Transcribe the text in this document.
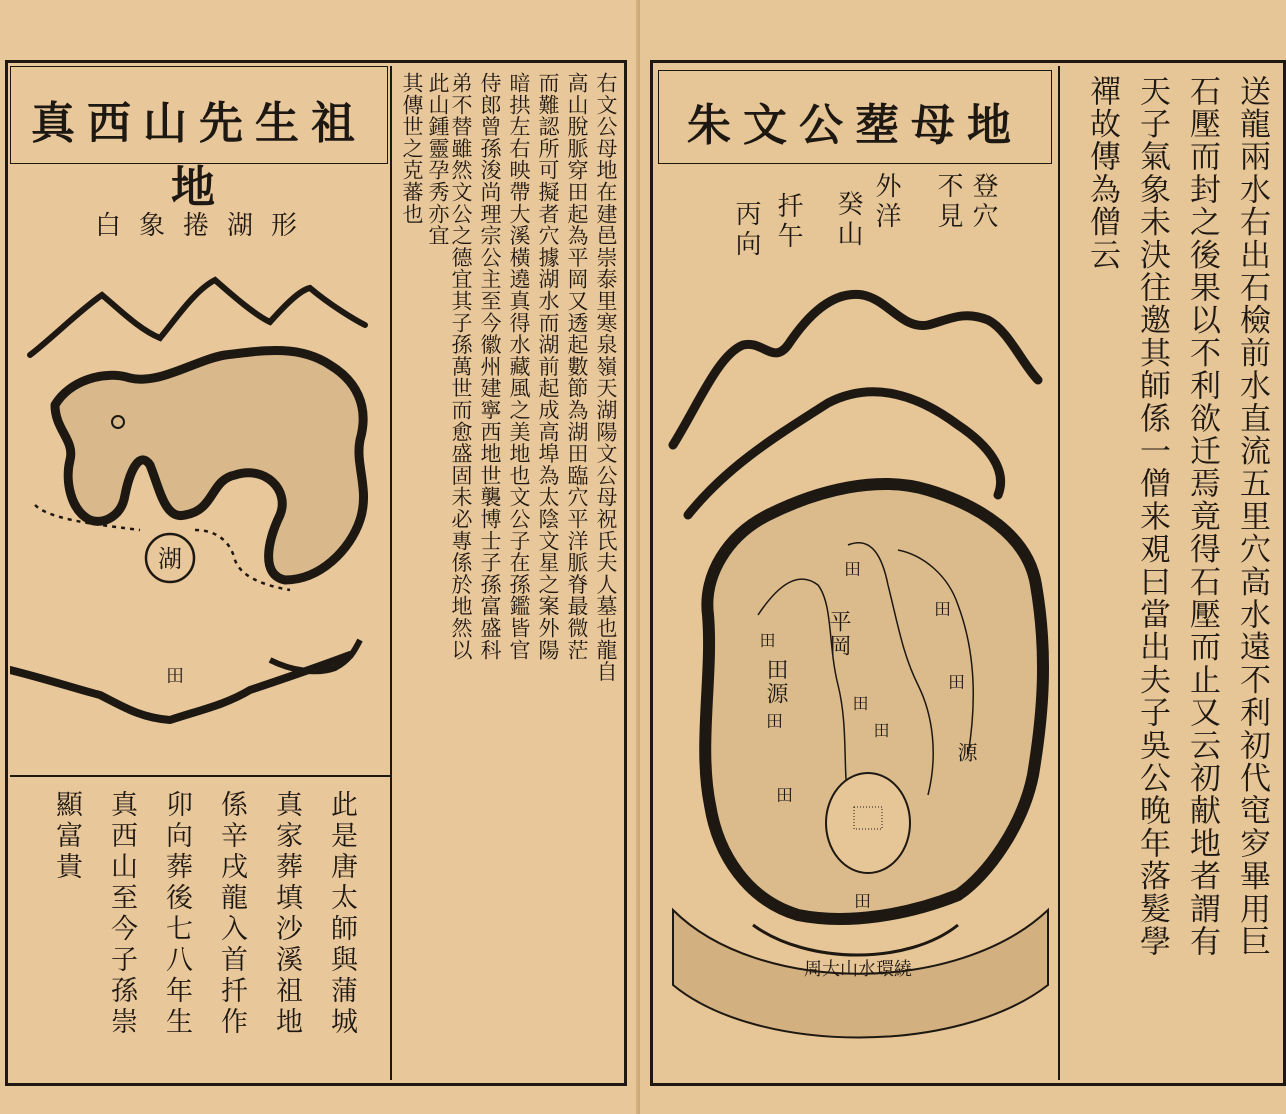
真西山先生祖地
白象捲湖形
湖
田
此是唐太師與蒲城
真家葬填沙溪祖地
係辛戌龍入首扦作
卯向葬後七八年生
真西山至今子孫崇
顯富貴
右文公母地在建邑崇泰里寒泉嶺天湖陽文公母祝氏夫人墓也龍自
高山脫脈穿田起為平岡又透起數節為湖田臨穴平洋脈脊最微茫
而難認所可擬者穴據湖水而湖前起成高埠為太陰文星之案外陽
暗拱左右映帶大溪橫遶真得水藏風之美地也文公子在孫鑑皆官
侍郎曾孫浚尚理宗公主至今徽州建寧西地世襲博士子孫富盛科
弟不替雖然文公之德宜其子孫萬世而愈盛固未必專係於地然以
此山鍾靈孕秀亦宜
其傳世之克蕃也	朱文公塟母地
登穴
不見
外洋
癸山
扦午
丙向
周大山水環繞
田
田
平岡
田
田源	田
田
田
田
源
田
田	送龍兩水右出石檢前水直流五里穴高水遠不利初代窀穸畢用巨
石壓而封之後果以不利欲迁焉竟得石壓而止又云初献地者謂有
天子氣象未決往邀其師係一僧来覌曰當出夫子吳公晚年落髮學
禪故傳為僧云
